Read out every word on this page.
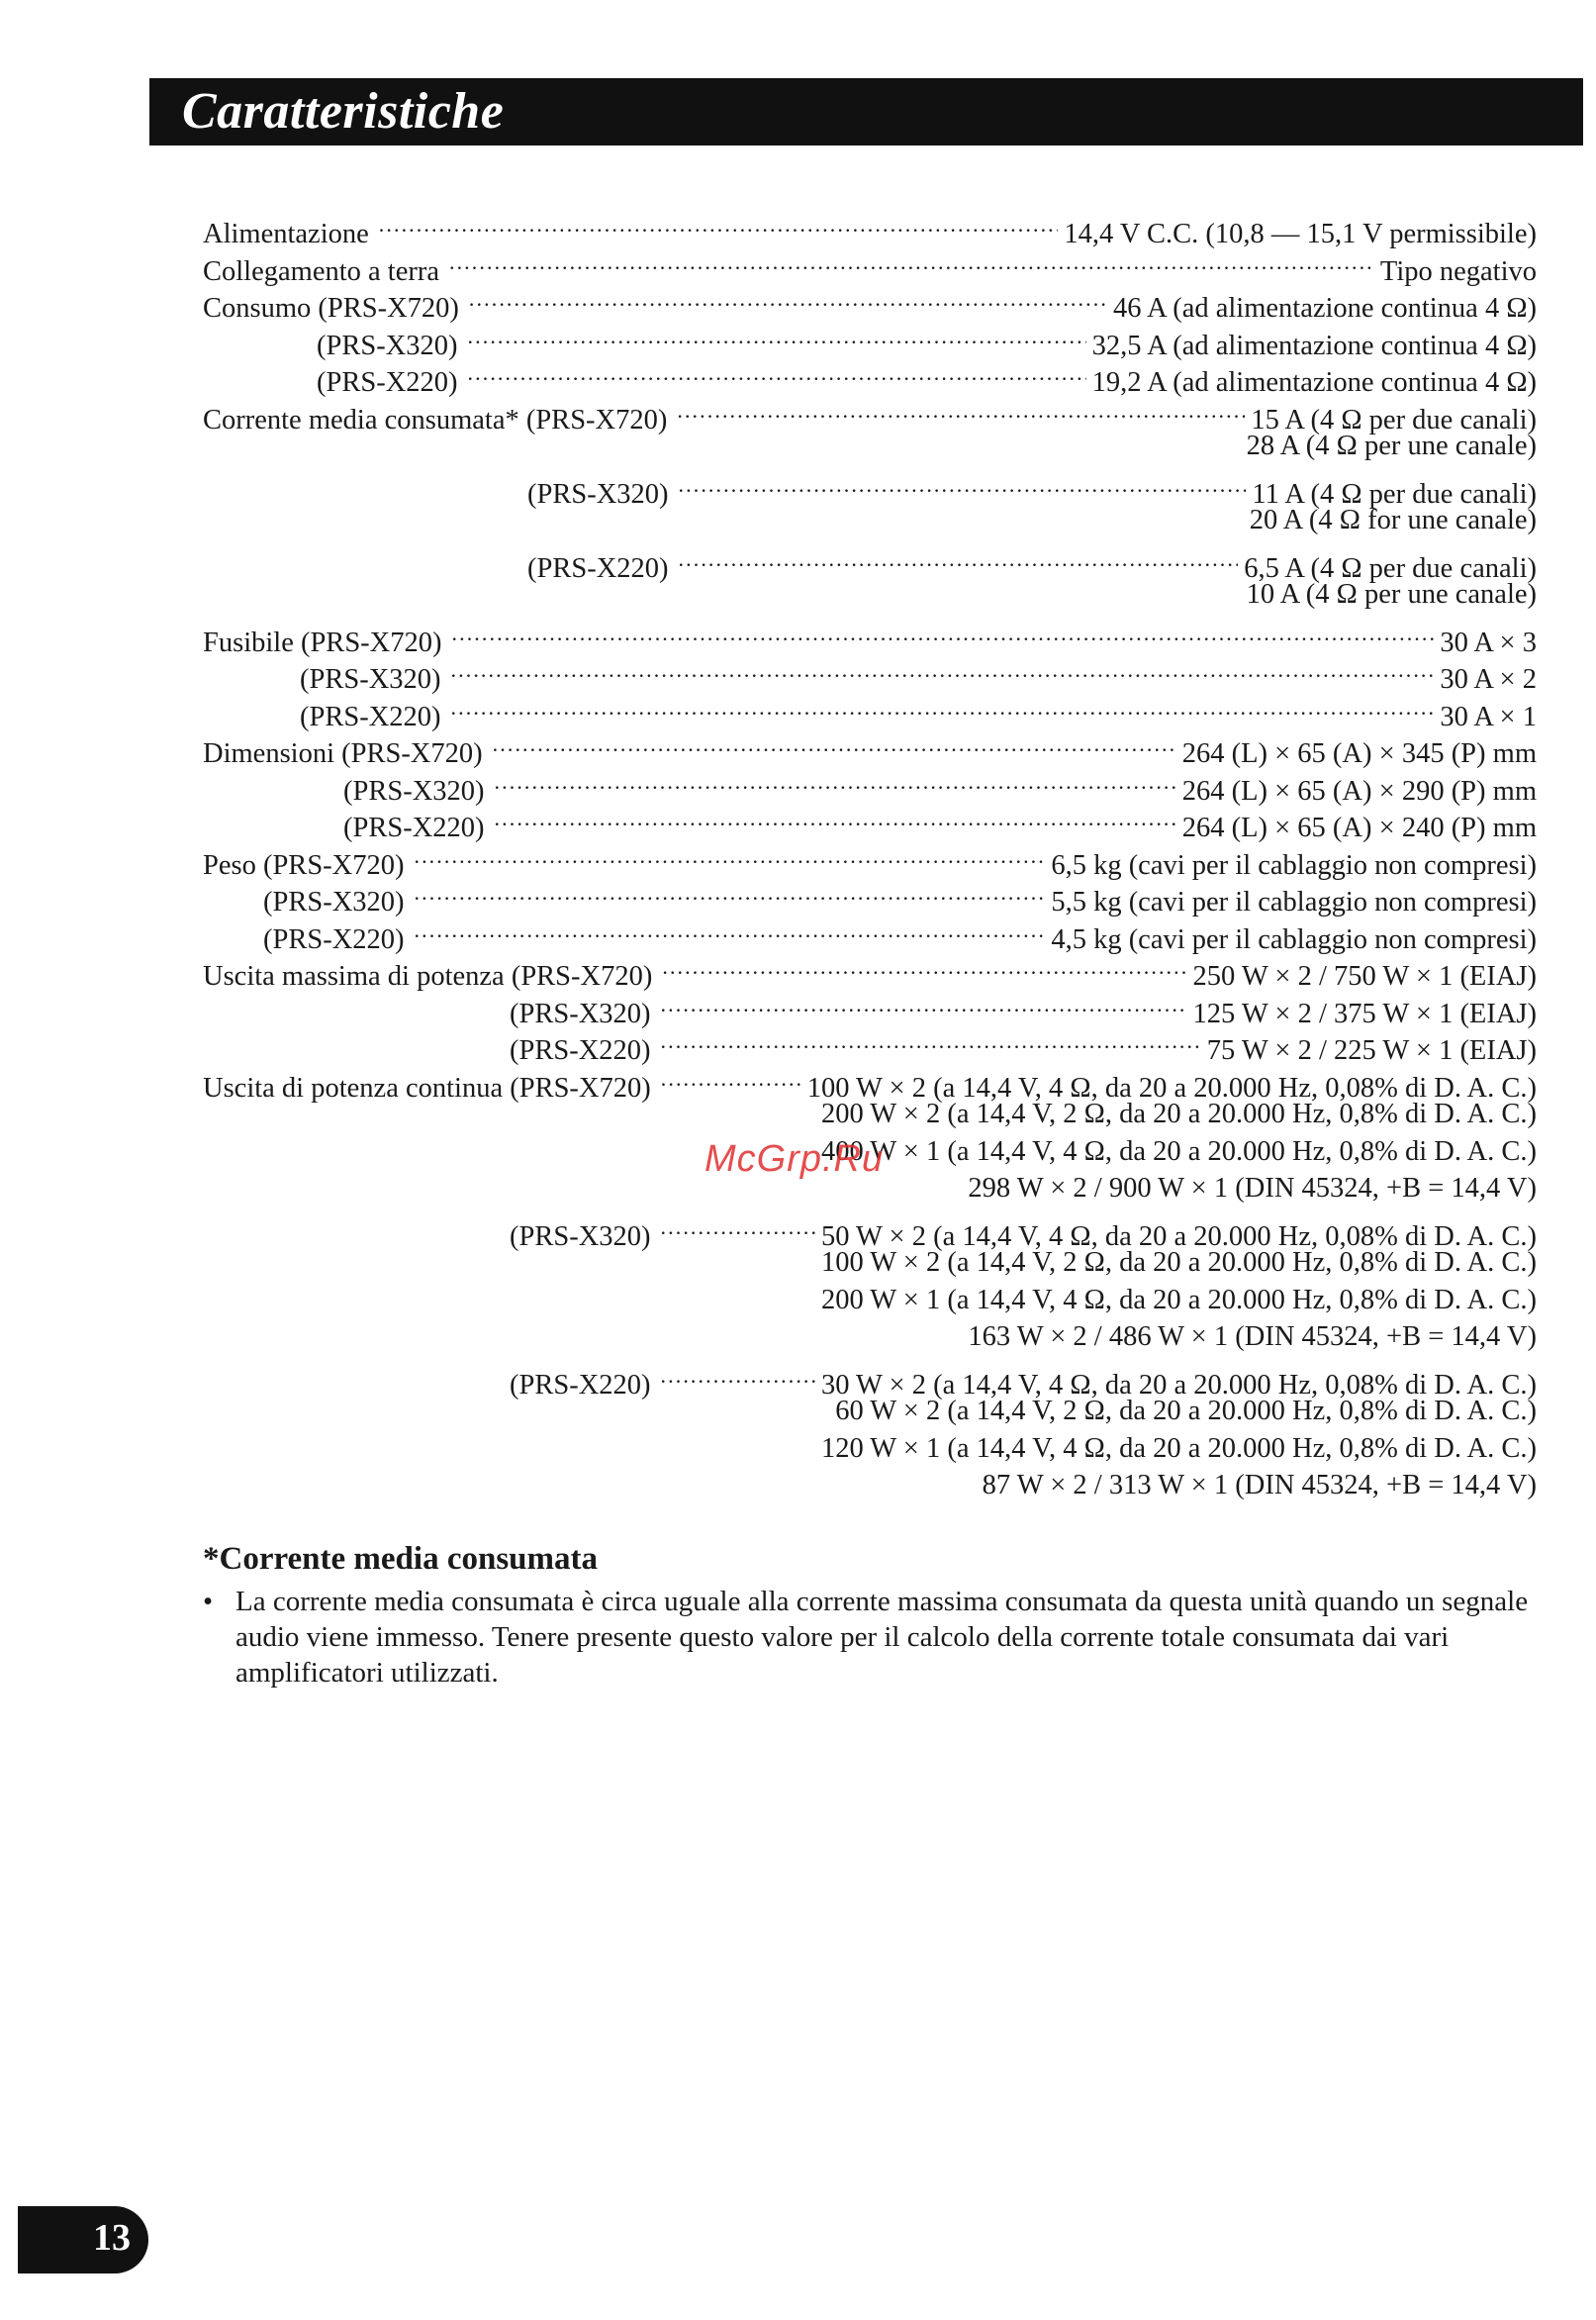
Caratteristiche
Alimentazione .....	14,4 V C.C. (10,8 — 15,1 V permissibile)
Collegamento a terra .....	Tipo negativo
Consumo (PRS-X720) .....	46 A (ad alimentazione continua 4 Ω)
(PRS-X320) .....	32,5 A (ad alimentazione continua 4 Ω)
(PRS-X220) .....	19,2 A (ad alimentazione continua 4 Ω)
Corrente media consumata* (PRS-X720) .....	15 A (4 Ω per due canali)
28 A (4 Ω per une canale)
(PRS-X320) .....	11 A (4 Ω per due canali)
20 A (4 Ω for une canale)
(PRS-X220) .....	6,5 A (4 Ω per due canali)
10 A (4 Ω per une canale)
Fusibile (PRS-X720) .....	30 A × 3
(PRS-X320) .....	30 A × 2
(PRS-X220) .....	30 A × 1
Dimensioni (PRS-X720) .....	264 (L) × 65 (A) × 345 (P) mm
(PRS-X320) .....	264 (L) × 65 (A) × 290 (P) mm
(PRS-X220) .....	264 (L) × 65 (A) × 240 (P) mm
Peso (PRS-X720) .....	6,5 kg (cavi per il cablaggio non compresi)
(PRS-X320) .....	5,5 kg (cavi per il cablaggio non compresi)
(PRS-X220) .....	4,5 kg (cavi per il cablaggio non compresi)
Uscita massima di potenza (PRS-X720) .....	250 W × 2 / 750 W × 1 (EIAJ)
(PRS-X320) .....	125 W × 2 / 375 W × 1 (EIAJ)
(PRS-X220) .....	75 W × 2 / 225 W × 1 (EIAJ)
Uscita di potenza continua (PRS-X720) .....	100 W × 2 (a 14,4 V, 4 Ω, da 20 a 20.000 Hz, 0,08% di D. A. C.)
200 W × 2 (a 14,4 V, 2 Ω, da 20 a 20.000 Hz, 0,8% di D. A. C.)
400 W × 1 (a 14,4 V, 4 Ω, da 20 a 20.000 Hz, 0,8% di D. A. C.)
298 W × 2 / 900 W × 1 (DIN 45324, +B = 14,4 V)
(PRS-X320) .....	50 W × 2 (a 14,4 V, 4 Ω, da 20 a 20.000 Hz, 0,08% di D. A. C.)
100 W × 2 (a 14,4 V, 2 Ω, da 20 a 20.000 Hz, 0,8% di D. A. C.)
200 W × 1 (a 14,4 V, 4 Ω, da 20 a 20.000 Hz, 0,8% di D. A. C.)
163 W × 2 / 486 W × 1 (DIN 45324, +B = 14,4 V)
(PRS-X220) .....	30 W × 2 (a 14,4 V, 4 Ω, da 20 a 20.000 Hz, 0,08% di D. A. C.)
60 W × 2 (a 14,4 V, 2 Ω, da 20 a 20.000 Hz, 0,8% di D. A. C.)
120 W × 1 (a 14,4 V, 4 Ω, da 20 a 20.000 Hz, 0,8% di D. A. C.)
87 W × 2 / 313 W × 1 (DIN 45324, +B = 14,4 V)
*Corrente media consumata
• La corrente media consumata è circa uguale alla corrente massima consumata da questa unità quando un segnale audio viene immesso. Tenere presente questo valore per il calcolo della corrente totale consumata dai vari amplificatori utilizzati.
McGrp.Ru
13
